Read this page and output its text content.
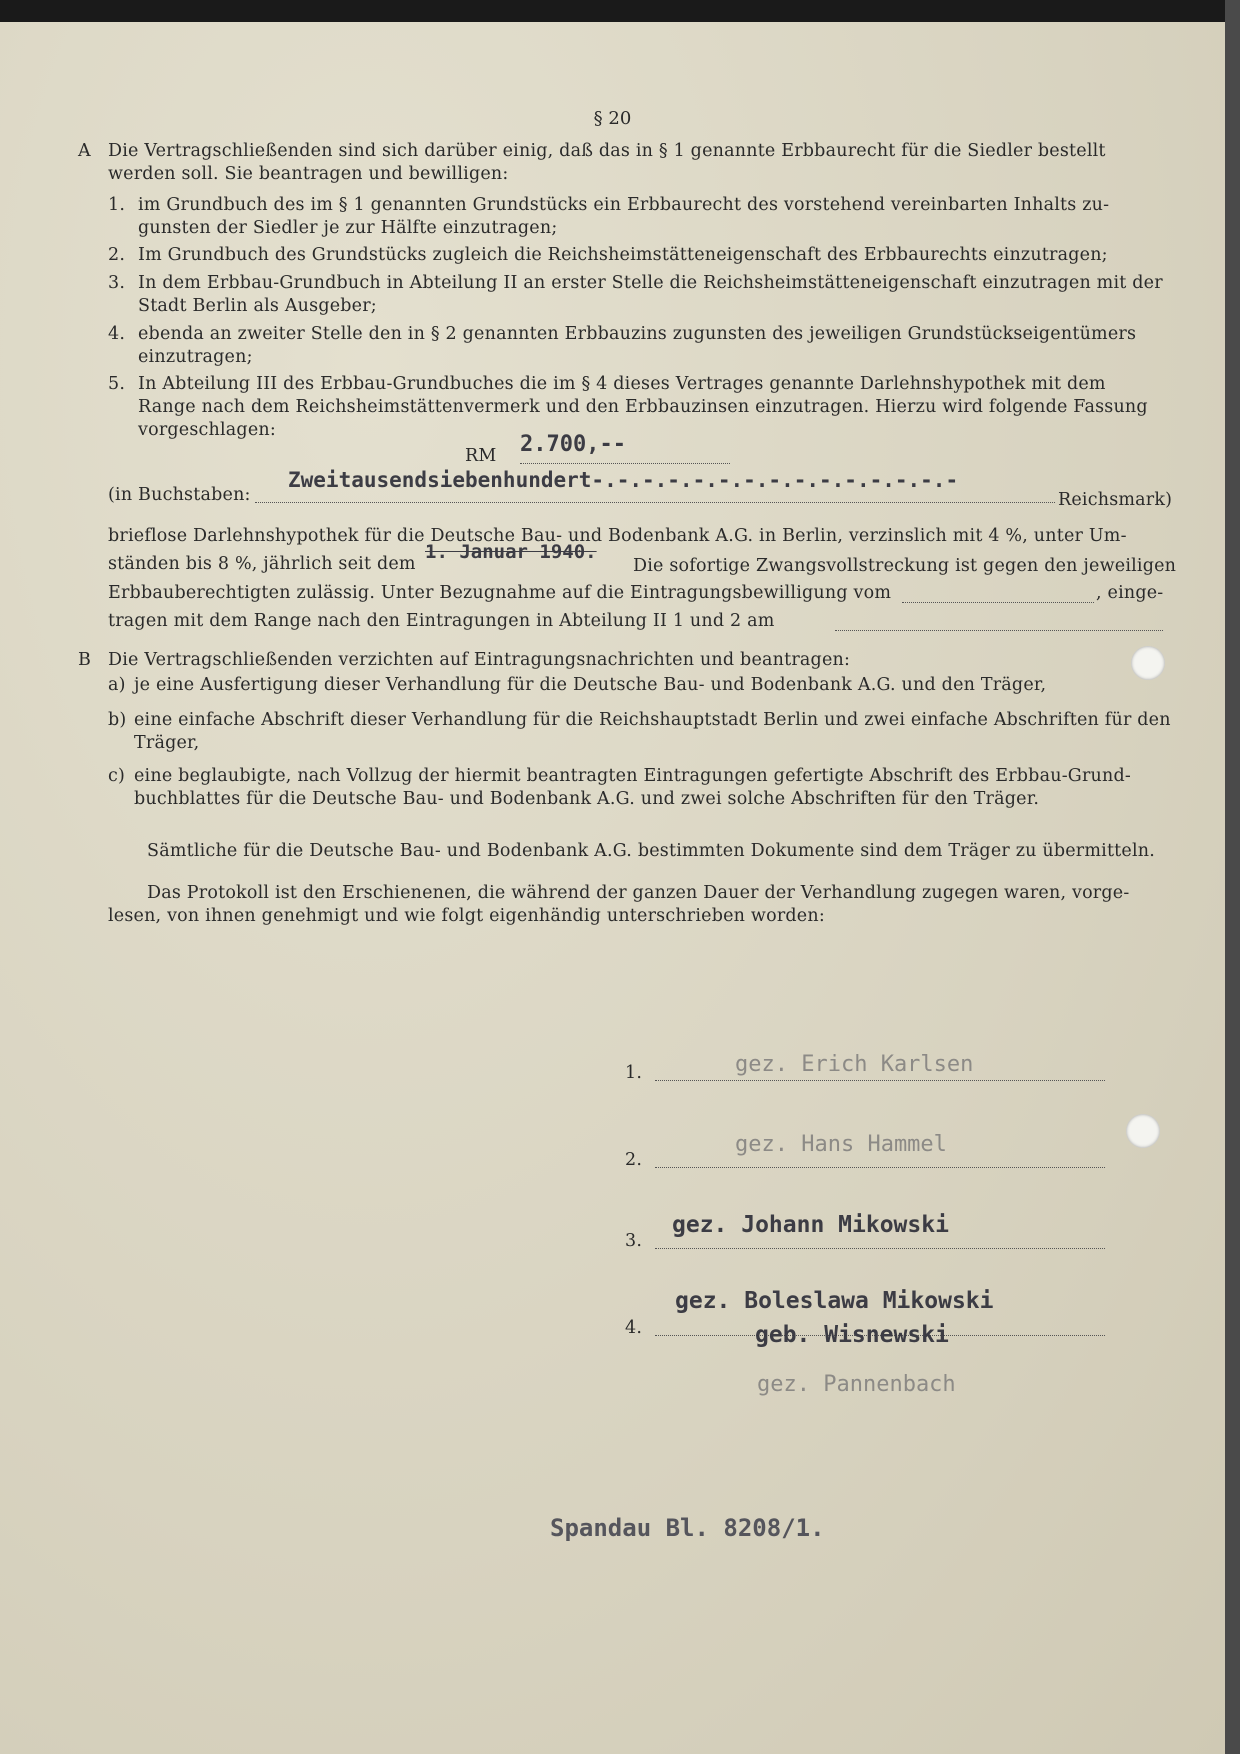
§ 20
A Die Vertragschließenden sind sich darüber einig, daß das in § 1 genannte Erbbaurecht für die Siedler bestellt
werden soll. Sie beantragen und bewilligen:
1. im Grundbuch des im § 1 genannten Grundstücks ein Erbbaurecht des vorstehend vereinbarten Inhalts zu-
gunsten der Siedler je zur Hälfte einzutragen;
2. Im Grundbuch des Grundstücks zugleich die Reichsheimstätteneigenschaft des Erbbaurechts einzutragen;
3. In dem Erbbau-Grundbuch in Abteilung II an erster Stelle die Reichsheimstätteneigenschaft einzutragen mit der
Stadt Berlin als Ausgeber;
4. ebenda an zweiter Stelle den in § 2 genannten Erbbauzins zugunsten des jeweiligen Grundstückseigentümers
einzutragen;
5. In Abteilung III des Erbbau-Grundbuches die im § 4 dieses Vertrages genannte Darlehnshypothek mit dem
Range nach dem Reichsheimstättenvermerk und den Erbbauzinsen einzutragen. Hierzu wird folgende Fassung
vorgeschlagen:
RM 2.700,--
(in Buchstaben:
Zweitausendsiebenhundert-.-.-.-.-.-.-.-.-.-.-.-.-.-.-
Reichsmark)
brieflose Darlehnshypothek für die Deutsche Bau- und Bodenbank A.G. in Berlin, verzinslich mit 4 %, unter Um-
ständen bis 8 %, jährlich seit dem
1. Januar 1940.
Die sofortige Zwangsvollstreckung ist gegen den jeweiligen
Erbbauberechtigten zulässig. Unter Bezugnahme auf die Eintragungsbewilligung vom	, einge-
tragen mit dem Range nach den Eintragungen in Abteilung II 1 und 2 am
B Die Vertragschließenden verzichten auf Eintragungsnachrichten und beantragen:
a) je eine Ausfertigung dieser Verhandlung für die Deutsche Bau- und Bodenbank A.G. und den Träger,
b) eine einfache Abschrift dieser Verhandlung für die Reichshauptstadt Berlin und zwei einfache Abschriften für den
Träger,
c) eine beglaubigte, nach Vollzug der hiermit beantragten Eintragungen gefertigte Abschrift des Erbbau-Grund-
buchblattes für die Deutsche Bau- und Bodenbank A.G. und zwei solche Abschriften für den Träger.
Sämtliche für die Deutsche Bau- und Bodenbank A.G. bestimmten Dokumente sind dem Träger zu übermitteln.
Das Protokoll ist den Erschienenen, die während der ganzen Dauer der Verhandlung zugegen waren, vorge-
lesen, von ihnen genehmigt und wie folgt eigenhändig unterschrieben worden:
1.	gez. Erich Karlsen
2.
gez. Hans Hammel
3.
gez. Johann Mikowski
4.
gez. Boleslawa Mikowski
geb. Wisnewski
gez. Pannenbach
Spandau Bl. 8208/1.
